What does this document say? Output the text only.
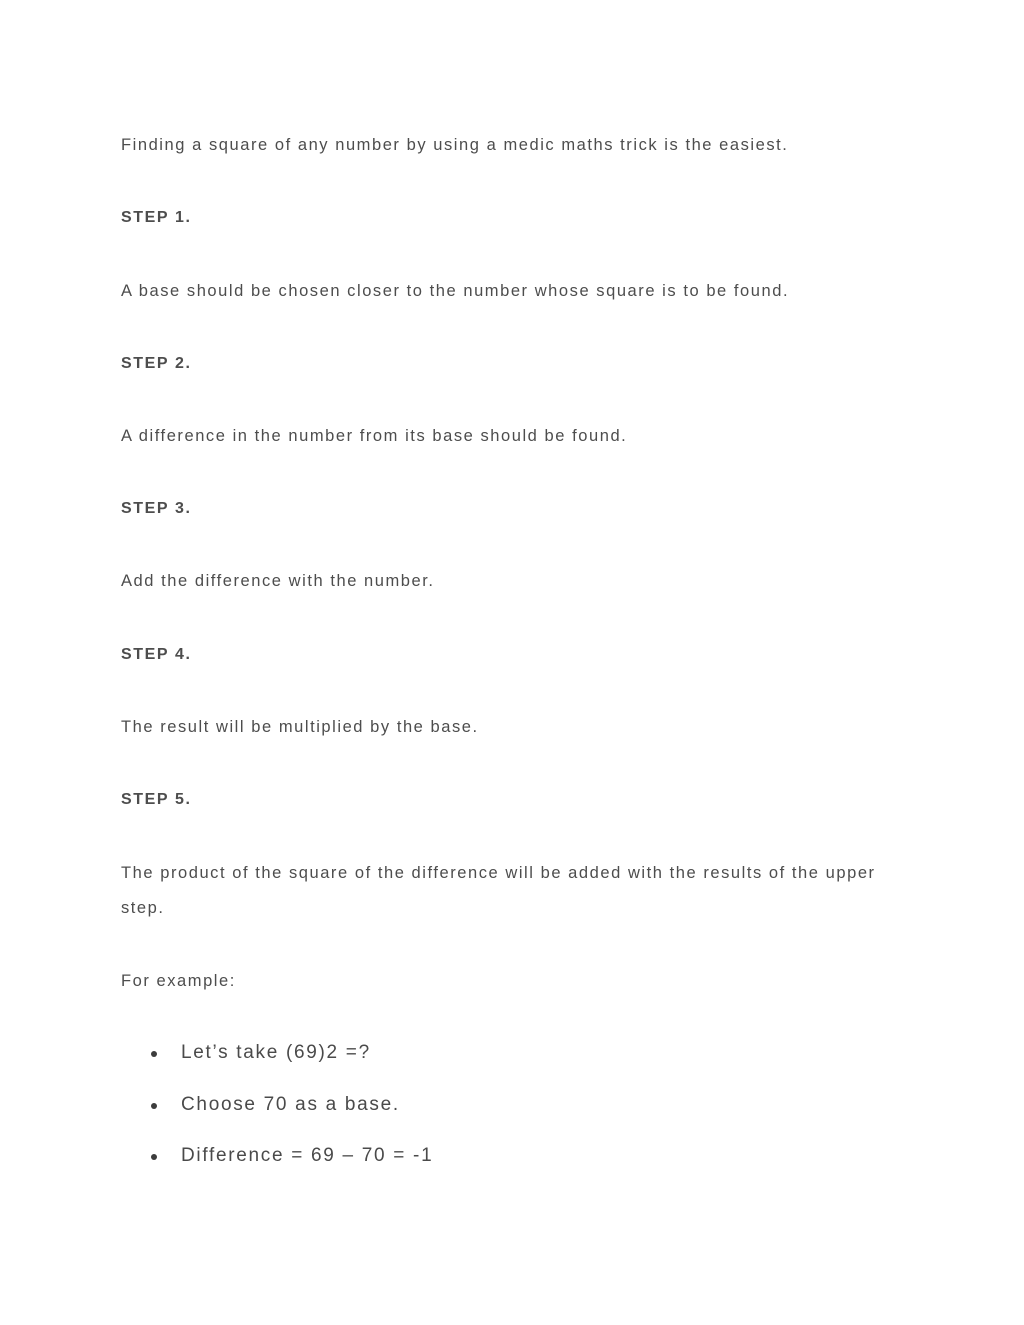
Finding a square of any number by using a medic maths trick is the easiest.

STEP 1.

A base should be chosen closer to the number whose square is to be found.

STEP 2.

A difference in the number from its base should be found.

STEP 3.

Add the difference with the number.

STEP 4.

The result will be multiplied by the base.

STEP 5.

The product of the square of the difference will be added with the results of the upper step.

For example:

Let’s take (69)2 =?
Choose 70 as a base.
Difference = 69 – 70 = -1
